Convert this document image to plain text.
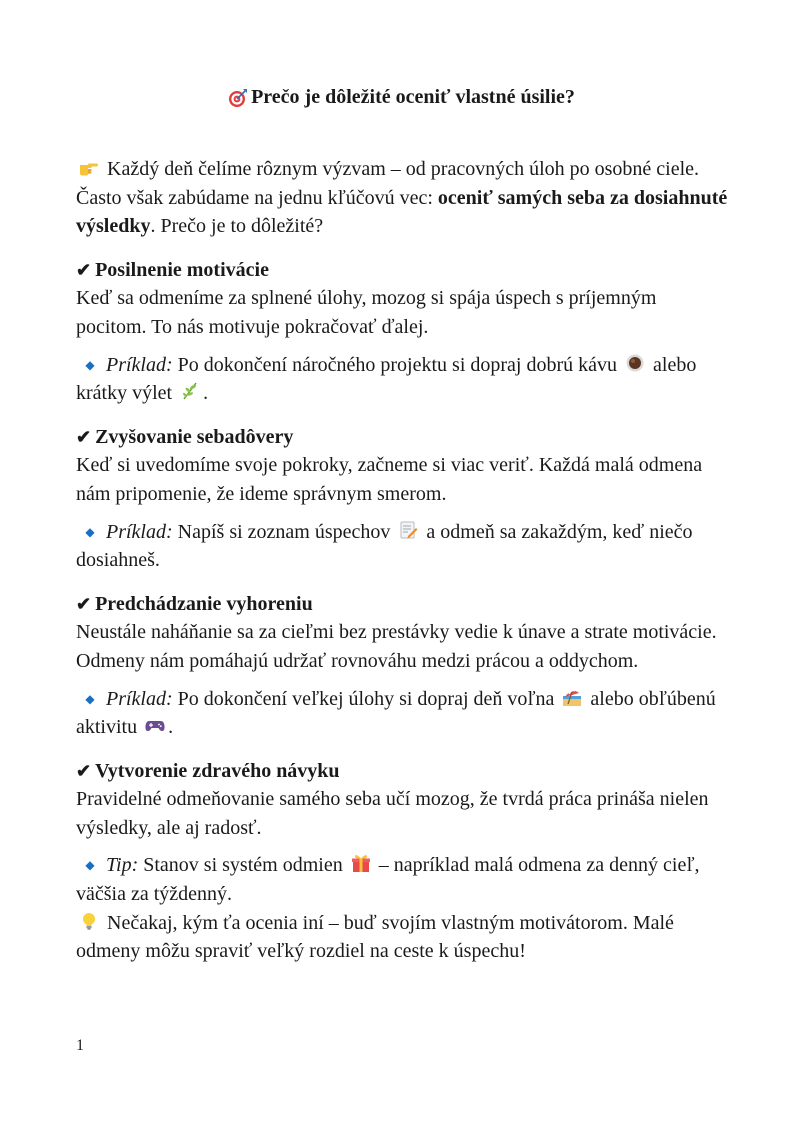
Prečo je dôležité oceniť vlastné úsilie?

Každý deň čelíme rôznym výzvam – od pracovných úloh po osobné ciele. Často však zabúdame na jednu kľúčovú vec: oceniť samých seba za dosiahnuté výsledky. Prečo je to dôležité?

✔ Posilnenie motivácie

Keď sa odmeníme za splnené úlohy, mozog si spája úspech s príjemným pocitom. To nás motivuje pokračovať ďalej.

◆ Príklad: Po dokončení náročného projektu si dopraj dobrú kávu alebo krátky výlet .

✔ Zvyšovanie sebadôvery

Keď si uvedomíme svoje pokroky, začneme si viac veriť. Každá malá odmena nám pripomenie, že ideme správnym smerom.

◆ Príklad: Napíš si zoznam úspechov a odmeň sa zakaždým, keď niečo dosiahneš.

✔ Predchádzanie vyhoreniu

Neustále naháňanie sa za cieľmi bez prestávky vedie k únave a strate motivácie. Odmeny nám pomáhajú udržať rovnováhu medzi prácou a oddychom.

◆ Príklad: Po dokončení veľkej úlohy si dopraj deň voľna alebo obľúbenú aktivitu .

✔ Vytvorenie zdravého návyku

Pravidelné odmeňovanie samého seba učí mozog, že tvrdá práca prináša nielen výsledky, ale aj radosť.

◆ Tip: Stanov si systém odmien – napríklad malá odmena za denný cieľ, väčšia za týždenný.

Nečakaj, kým ťa ocenia iní – buď svojím vlastným motivátorom. Malé odmeny môžu spraviť veľký rozdiel na ceste k úspechu!

1
